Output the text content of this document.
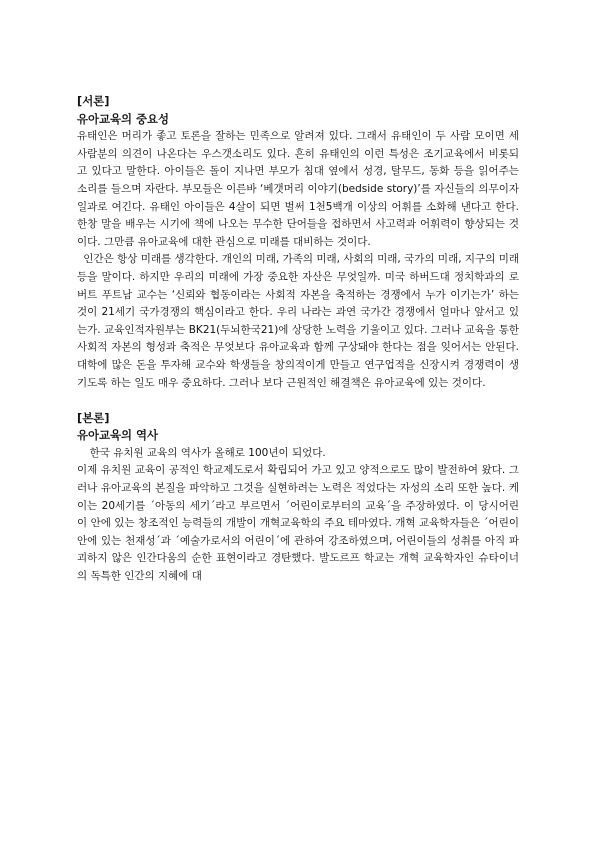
[서론]

유아교육의 중요성

유태인은 머리가 좋고 토론을 잘하는 민족으로 알려져 있다. 그래서 유태인이 두 사람 모이면 세 사람분의 의견이 나온다는 우스갯소리도 있다. 흔히 유태인의 이런 특성은 조기교육에서 비롯되고 있다고 말한다. 아이들은 돌이 지나면 부모가 침대 옆에서 성경, 탈무드, 동화 등을 읽어주는 소리를 들으며 자란다. 부모들은 이른바 ‘베갯머리 이야기(bedside story)’를 자신들의 의무이자 일과로 여긴다. 유태인 아이들은 4살이 되면 벌써 1천5백개 이상의 어휘를 소화해 낸다고 한다. 한창 말을 배우는 시기에 책에 나오는 무수한 단어들을 접하면서 사고력과 어휘력이 향상되는 것이다. 그만큼 유아교육에 대한 관심으로 미래를 대비하는 것이다.

인간은 항상 미래를 생각한다. 개인의 미래, 가족의 미래, 사회의 미래, 국가의 미래, 지구의 미래등을 말이다. 하지만 우리의 미래에 가장 중요한 자산은 무엇일까. 미국 하버드대 정치학과의 로버트 푸트남 교수는 ‘신뢰와 협동이라는 사회적 자본을 축적하는 경쟁에서 누가 이기는가’ 하는 것이 21세기 국가경쟁의 핵심이라고 한다. 우리 나라는 과연 국가간 경쟁에서 얼마나 앞서고 있는가. 교육인적자원부는 BK21(두뇌한국21)에 상당한 노력을 기울이고 있다. 그러나 교육을 통한 사회적 자본의 형성과 축적은 무엇보다 유아교육과 함께 구상돼야 한다는 점을 잊어서는 안된다. 대학에 많은 돈을 투자해 교수와 학생들을 창의적이게 만들고 연구업적을 신장시켜 경쟁력이 생기도록 하는 일도 매우 중요하다. 그러나 보다 근원적인 해결책은 유아교육에 있는 것이다.

[본론]

유아교육의 역사

한국 유치원 교육의 역사가 올해로 100년이 되었다.

이제 유치원 교육이 공적인 학교제도로서 확립되어 가고 있고 양적으로도 많이 발전하여 왔다. 그러나 유아교육의 본질을 파악하고 그것을 실현하려는 노력은 적었다는 자성의 소리 또한 높다. 케이는 20세기를 ´아동의 세기´라고 부르면서 ´어린이로부터의 교육´을 주장하였다. 이 당시어린이 안에 있는 창조적인 능력들의 개발이 개혁교육학의 주요 테마였다. 개혁 교육학자들은 ´어린이 안에 있는 천재성´과 ´예술가로서의 어린이´에 관하여 강조하였으며, 어린이들의 성취를 아직 파괴하지 않은 인간다움의 순한 표현이라고 경탄했다. 발도르프 학교는 개혁 교육학자인 슈타이너의 독특한 인간의 지혜에 대
